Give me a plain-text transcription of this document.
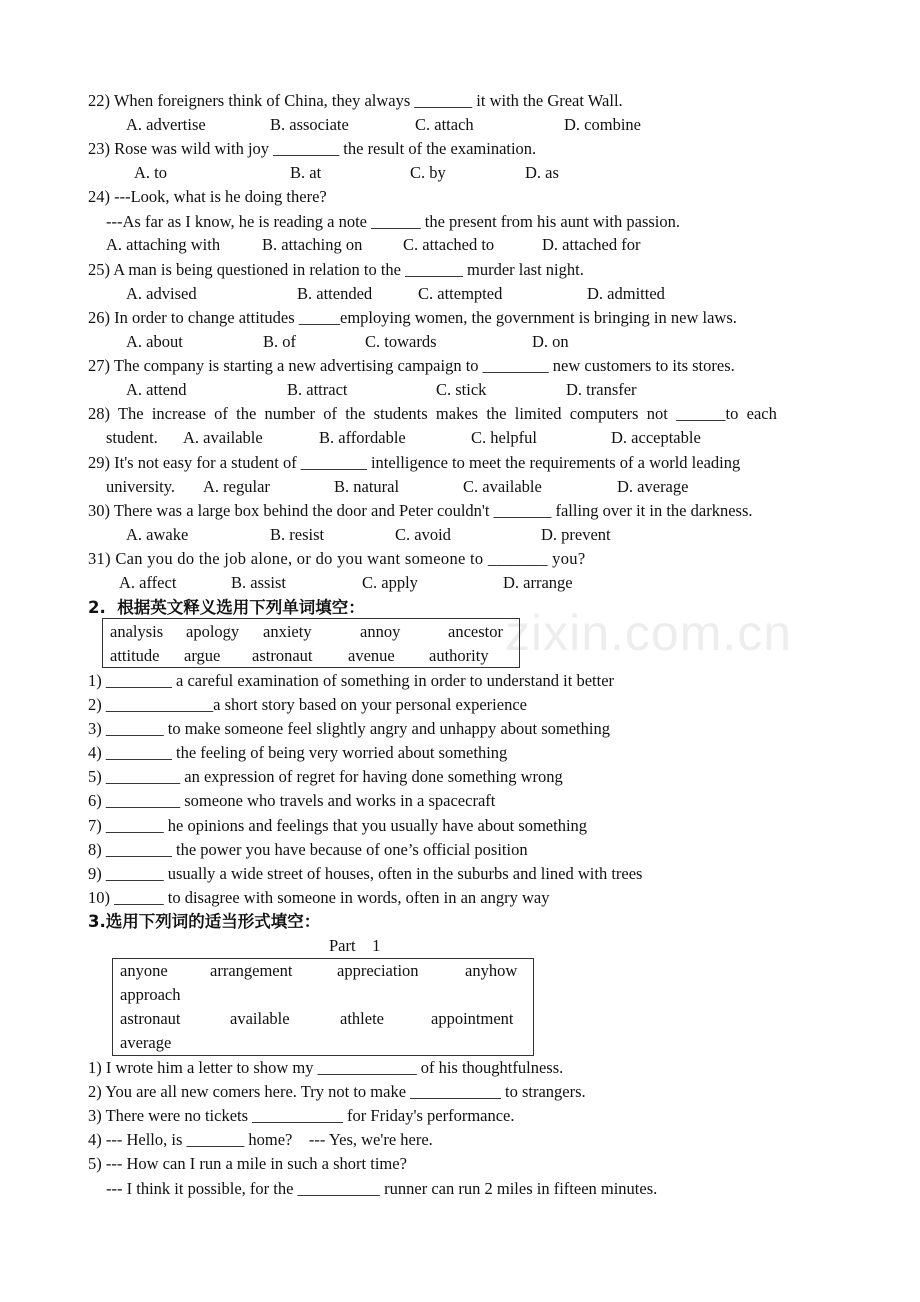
zixin.com.cn
22) When foreigners think of China, they always _______ it with the Great Wall.
A. advertise	B. associate	C. attach	D. combine
23) Rose was wild with joy ________ the result of the examination.
A. to	B. at	C. by	D. as
24) ---Look, what is he doing there?
---As far as I know, he is reading a note ______ the present from his aunt with passion.
A. attaching with	B. attaching on C. attached to	D. attached for
25) A man is being questioned in relation to the _______ murder last night.
A. advised	B. attended	C. attempted	D. admitted
26) In order to change attitudes _____employing women, the government is bringing in new laws.
A. about	B. of	C. towards	D. on
27) The company is starting a new advertising campaign to ________ new customers to its stores.
A. attend	B. attract	C. stick	D. transfer
28)  The  increase  of  the  number  of  the  students  makes  the  limited  computers  not  ______to  each
student. A. available	B. affordable	C. helpful	D. acceptable
29) It's not easy for a student of ________ intelligence to meet the requirements of a world leading
university. A. regular	B. natural	C. available	D. average
30) There was a large box behind the door and Peter couldn't _______ falling over it in the darkness.
A. awake	B. resist	C. avoid	D. prevent
31) Can you do the job alone, or do you want someone to _______ you?
A. affect	B. assist	C. apply	D. arrange
2.  根据英文释义选用下列单词填空：
analysis apology anxiety	annoy	ancestor
attitude argue astronaut avenue authority
1) ________ a careful examination of something in order to understand it better
2) _____________a short story based on your personal experience
3) _______ to make someone feel slightly angry and unhappy about something
4) ________ the feeling of being very worried about something
5) _________ an expression of regret for having done something wrong
6) _________ someone who travels and works in a spacecraft
7) _______ he opinions and feelings that you usually have about something
8) ________ the power you have because of one’s official position
9) _______ usually a wide street of houses, often in the suburbs and lined with trees
10) ______ to disagree with someone in words, often in an angry way
3.选用下列词的适当形式填空：
Part    1
anyone	arrangement	appreciation	anyhow
approach
astronaut	available	athlete	appointment
average
1) I wrote him a letter to show my ____________ of his thoughtfulness.
2) You are all new comers here. Try not to make ___________ to strangers.
3) There were no tickets ___________ for Friday's performance.
4) --- Hello, is _______ home?    --- Yes, we're here.
5) --- How can I run a mile in such a short time?
--- I think it possible, for the __________ runner can run 2 miles in fifteen minutes.
